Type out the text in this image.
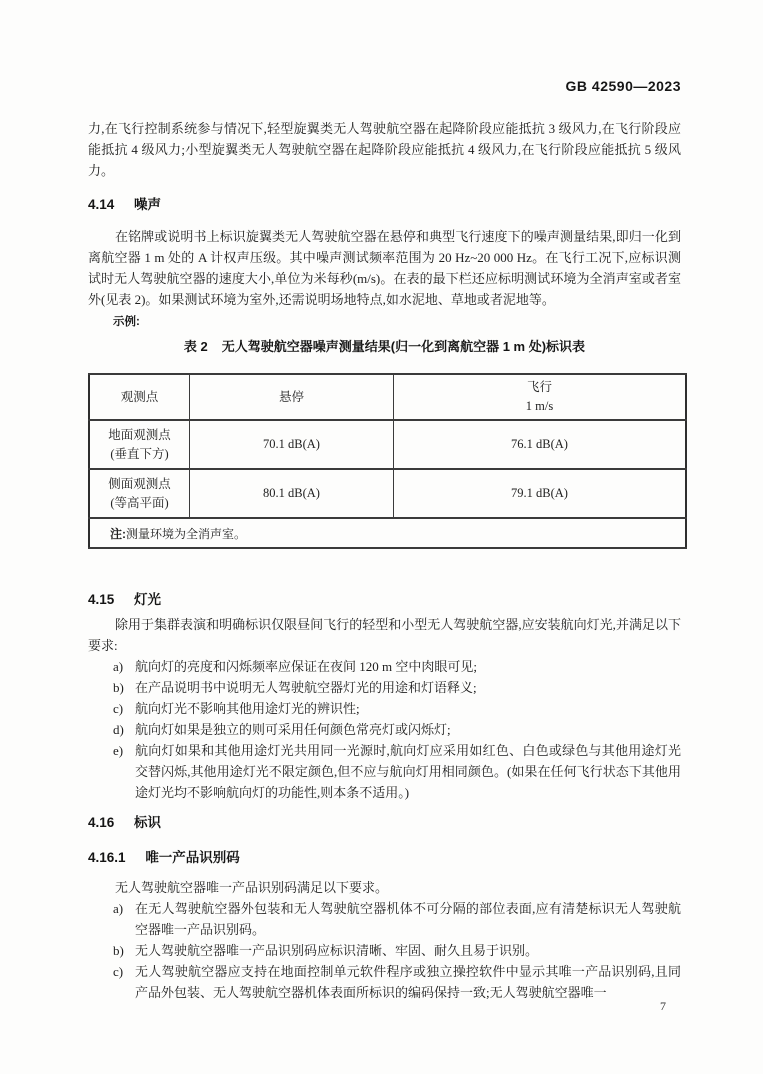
GB 42590—2023

力,在飞行控制系统参与情况下,轻型旋翼类无人驾驶航空器在起降阶段应能抵抗 3 级风力,在飞行阶段应能抵抗 4 级风力;小型旋翼类无人驾驶航空器在起降阶段应能抵抗 4 级风力,在飞行阶段应能抵抗 5 级风力。

4.14 噪声

在铭牌或说明书上标识旋翼类无人驾驶航空器在悬停和典型飞行速度下的噪声测量结果,即归一化到离航空器 1 m 处的 A 计权声压级。其中噪声测试频率范围为 20 Hz~20 000 Hz。在飞行工况下,应标识测试时无人驾驶航空器的速度大小,单位为米每秒(m/s)。在表的最下栏还应标明测试环境为全消声室或者室外(见表 2)。如果测试环境为室外,还需说明场地特点,如水泥地、草地或者泥地等。

示例:
表 2 无人驾驶航空器噪声测量结果(归一化到离航空器 1 m 处)标识表
观测点	悬停	飞行
1 m/s

地面观测点
(垂直下方)	70.1 dB(A)	76.1 dB(A)

侧面观测点
(等高平面)	80.1 dB(A)	79.1 dB(A)
注:测量环境为全消声室。		
4.15 灯光

除用于集群表演和明确标识仅限昼间飞行的轻型和小型无人驾驶航空器,应安装航向灯光,并满足以下要求:

a) 航向灯的亮度和闪烁频率应保证在夜间 120 m 空中肉眼可见;
b) 在产品说明书中说明无人驾驶航空器灯光的用途和灯语释义;
c) 航向灯光不影响其他用途灯光的辨识性;
d) 航向灯如果是独立的则可采用任何颜色常亮灯或闪烁灯;
e) 航向灯如果和其他用途灯光共用同一光源时,航向灯应采用如红色、白色或绿色与其他用途灯光交替闪烁,其他用途灯光不限定颜色,但不应与航向灯用相同颜色。(如果在任何飞行状态下其他用途灯光均不影响航向灯的功能性,则本条不适用。)
4.16 标识
4.16.1 唯一产品识别码

无人驾驶航空器唯一产品识别码满足以下要求。

a) 在无人驾驶航空器外包装和无人驾驶航空器机体不可分隔的部位表面,应有清楚标识无人驾驶航空器唯一产品识别码。
b) 无人驾驶航空器唯一产品识别码应标识清晰、牢固、耐久且易于识别。
c) 无人驾驶航空器应支持在地面控制单元软件程序或独立操控软件中显示其唯一产品识别码,且同产品外包装、无人驾驶航空器机体表面所标识的编码保持一致;无人驾驶航空器唯一
7
